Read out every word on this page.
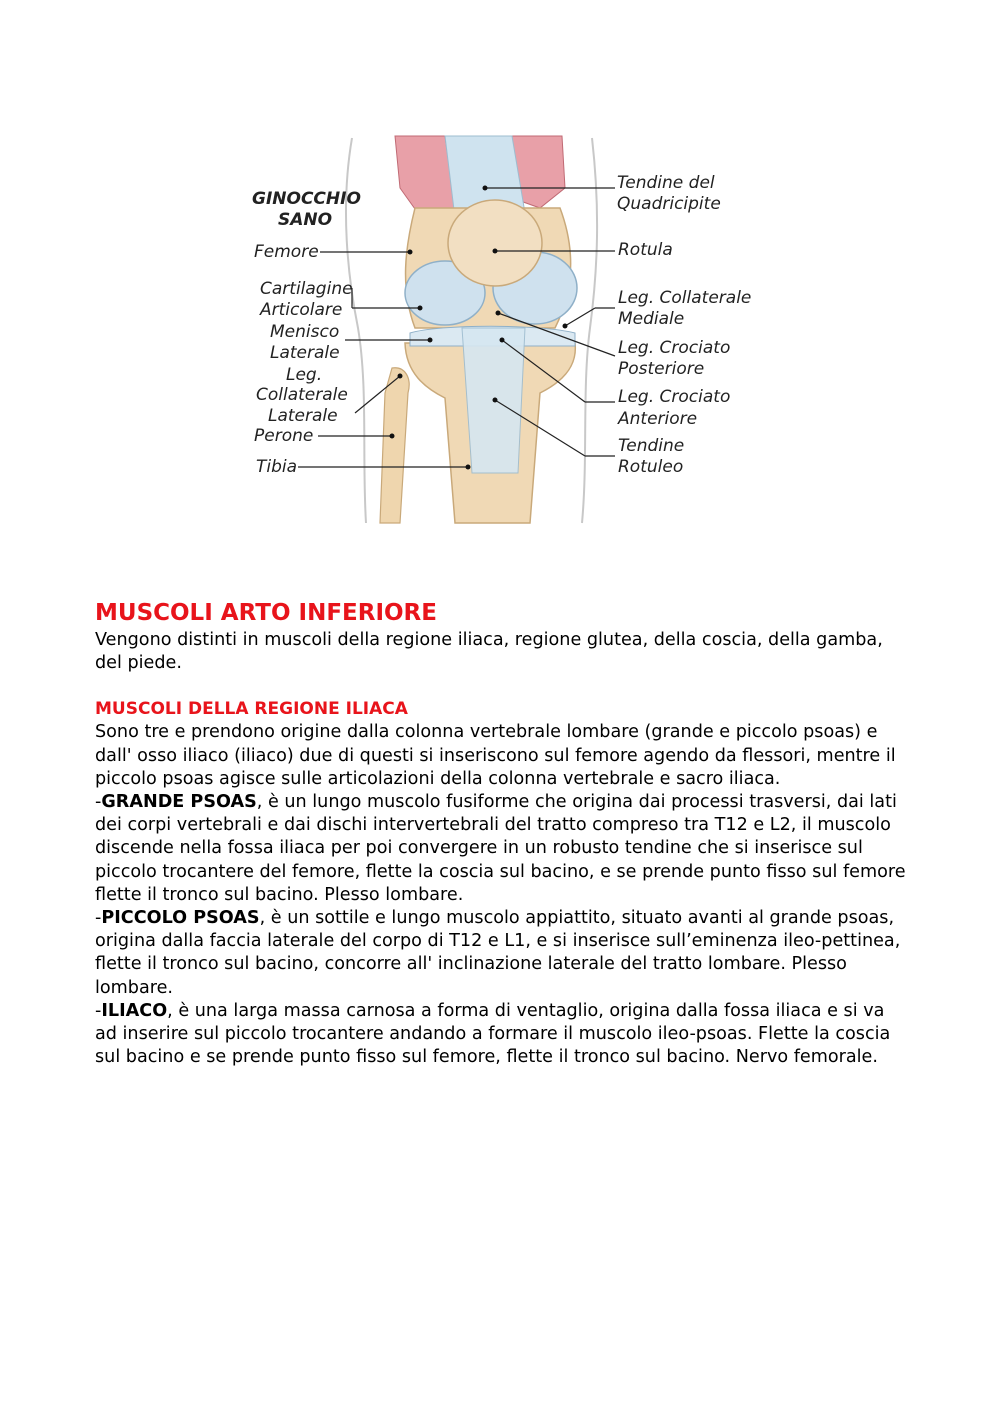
GINOCCHIO
SANO
Femore
Cartilagine
Articolare
Menisco
Laterale
Leg.
Collaterale
Laterale
Perone
Tibia
Tendine del
Quadricipite
Rotula
Leg. Collaterale
Mediale
Leg. Crociato
Posteriore
Leg. Crociato
Anteriore
Tendine
Rotuleo
MUSCOLI ARTO INFERIORE

Vengono distinti in muscoli della regione iliaca, regione glutea, della coscia, della gamba, del piede.

MUSCOLI DELLA REGIONE ILIACA

Sono tre e prendono origine dalla colonna vertebrale lombare (grande e piccolo psoas) e dall' osso iliaco (iliaco) due di questi si inseriscono sul femore agendo da flessori, mentre il piccolo psoas agisce sulle articolazioni della colonna vertebrale e sacro iliaca.

-GRANDE PSOAS, è un lungo muscolo fusiforme che origina dai processi trasversi, dai lati dei corpi vertebrali e dai dischi intervertebrali del tratto compreso tra T12 e L2, il muscolo discende nella fossa iliaca per poi convergere in un robusto tendine che si inserisce sul piccolo trocantere del femore, flette la coscia sul bacino, e se prende punto fisso sul femore flette il tronco sul bacino. Plesso lombare.

-PICCOLO PSOAS, è un sottile e lungo muscolo appiattito, situato avanti al grande psoas, origina dalla faccia laterale del corpo di T12 e L1, e si inserisce sull’eminenza ileo-pettinea, flette il tronco sul bacino, concorre all' inclinazione laterale del tratto lombare. Plesso lombare.

-ILIACO, è una larga massa carnosa a forma di ventaglio, origina dalla fossa iliaca e si va ad inserire sul piccolo trocantere andando a formare il muscolo ileo-psoas. Flette la coscia sul bacino e se prende punto fisso sul femore, flette il tronco sul bacino. Nervo femorale.
